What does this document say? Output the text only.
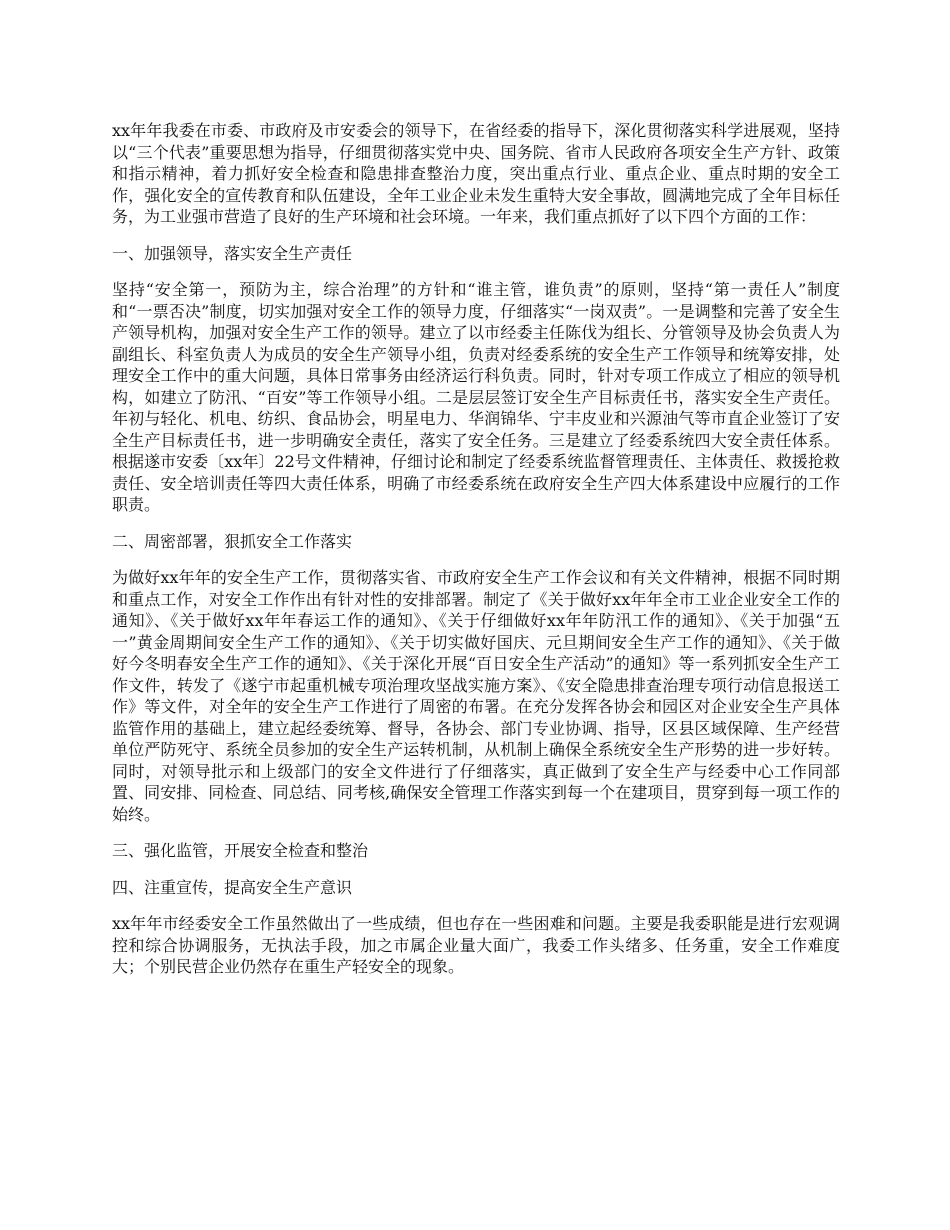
xx年年我委在市委、市政府及市安委会的领导下，在省经委的指导下，深化贯彻落实科学进展观，坚持以“三个代表”重要思想为指导，仔细贯彻落实党中央、国务院、省市人民政府各项安全生产方针、政策和指示精神，着力抓好安全检查和隐患排查整治力度，突出重点行业、重点企业、重点时期的安全工作，强化安全的宣传教育和队伍建设，全年工业企业未发生重特大安全事故，圆满地完成了全年目标任务，为工业强市营造了良好的生产环境和社会环境。一年来，我们重点抓好了以下四个方面的工作：

一、加强领导，落实安全生产责任

坚持“安全第一，预防为主，综合治理”的方针和“谁主管，谁负责”的原则，坚持“第一责任人”制度和“一票否决”制度，切实加强对安全工作的领导力度，仔细落实“一岗双责”。一是调整和完善了安全生产领导机构，加强对安全生产工作的领导。建立了以市经委主任陈伐为组长、分管领导及协会负责人为副组长、科室负责人为成员的安全生产领导小组，负责对经委系统的安全生产工作领导和统筹安排，处理安全工作中的重大问题，具体日常事务由经济运行科负责。同时，针对专项工作成立了相应的领导机构，如建立了防汛、“百安”等工作领导小组。二是层层签订安全生产目标责任书，落实安全生产责任。年初与轻化、机电、纺织、食品协会，明星电力、华润锦华、宁丰皮业和兴源油气等市直企业签订了安全生产目标责任书，进一步明确安全责任，落实了安全任务。三是建立了经委系统四大安全责任体系。根据遂市安委〔xx年〕22号文件精神，仔细讨论和制定了经委系统监督管理责任、主体责任、救援抢救责任、安全培训责任等四大责任体系，明确了市经委系统在政府安全生产四大体系建设中应履行的工作职责。

二、周密部署，狠抓安全工作落实

为做好xx年年的安全生产工作，贯彻落实省、市政府安全生产工作会议和有关文件精神，根据不同时期和重点工作，对安全工作作出有针对性的安排部署。制定了《关于做好xx年年全市工业企业安全工作的通知》、《关于做好xx年年春运工作的通知》、《关于仔细做好xx年年防汛工作的通知》、《关于加强“五一”黄金周期间安全生产工作的通知》、《关于切实做好国庆、元旦期间安全生产工作的通知》、《关于做好今冬明春安全生产工作的通知》、《关于深化开展“百日安全生产活动”的通知》等一系列抓安全生产工作文件，转发了《遂宁市起重机械专项治理攻坚战实施方案》、《安全隐患排查治理专项行动信息报送工作》等文件，对全年的安全生产工作进行了周密的布署。在充分发挥各协会和园区对企业安全生产具体监管作用的基础上，建立起经委统筹、督导，各协会、部门专业协调、指导，区县区域保障、生产经营单位严防死守、系统全员参加的安全生产运转机制，从机制上确保全系统安全生产形势的进一步好转。同时，对领导批示和上级部门的安全文件进行了仔细落实，真正做到了安全生产与经委中心工作同部置、同安排、同检查、同总结、同考核,确保安全管理工作落实到每一个在建项目，贯穿到每一项工作的始终。

三、强化监管，开展安全检查和整治

四、注重宣传，提高安全生产意识

xx年年市经委安全工作虽然做出了一些成绩，但也存在一些困难和问题。主要是我委职能是进行宏观调控和综合协调服务，无执法手段，加之市属企业量大面广，我委工作头绪多、任务重，安全工作难度大；个别民营企业仍然存在重生产轻安全的现象。
